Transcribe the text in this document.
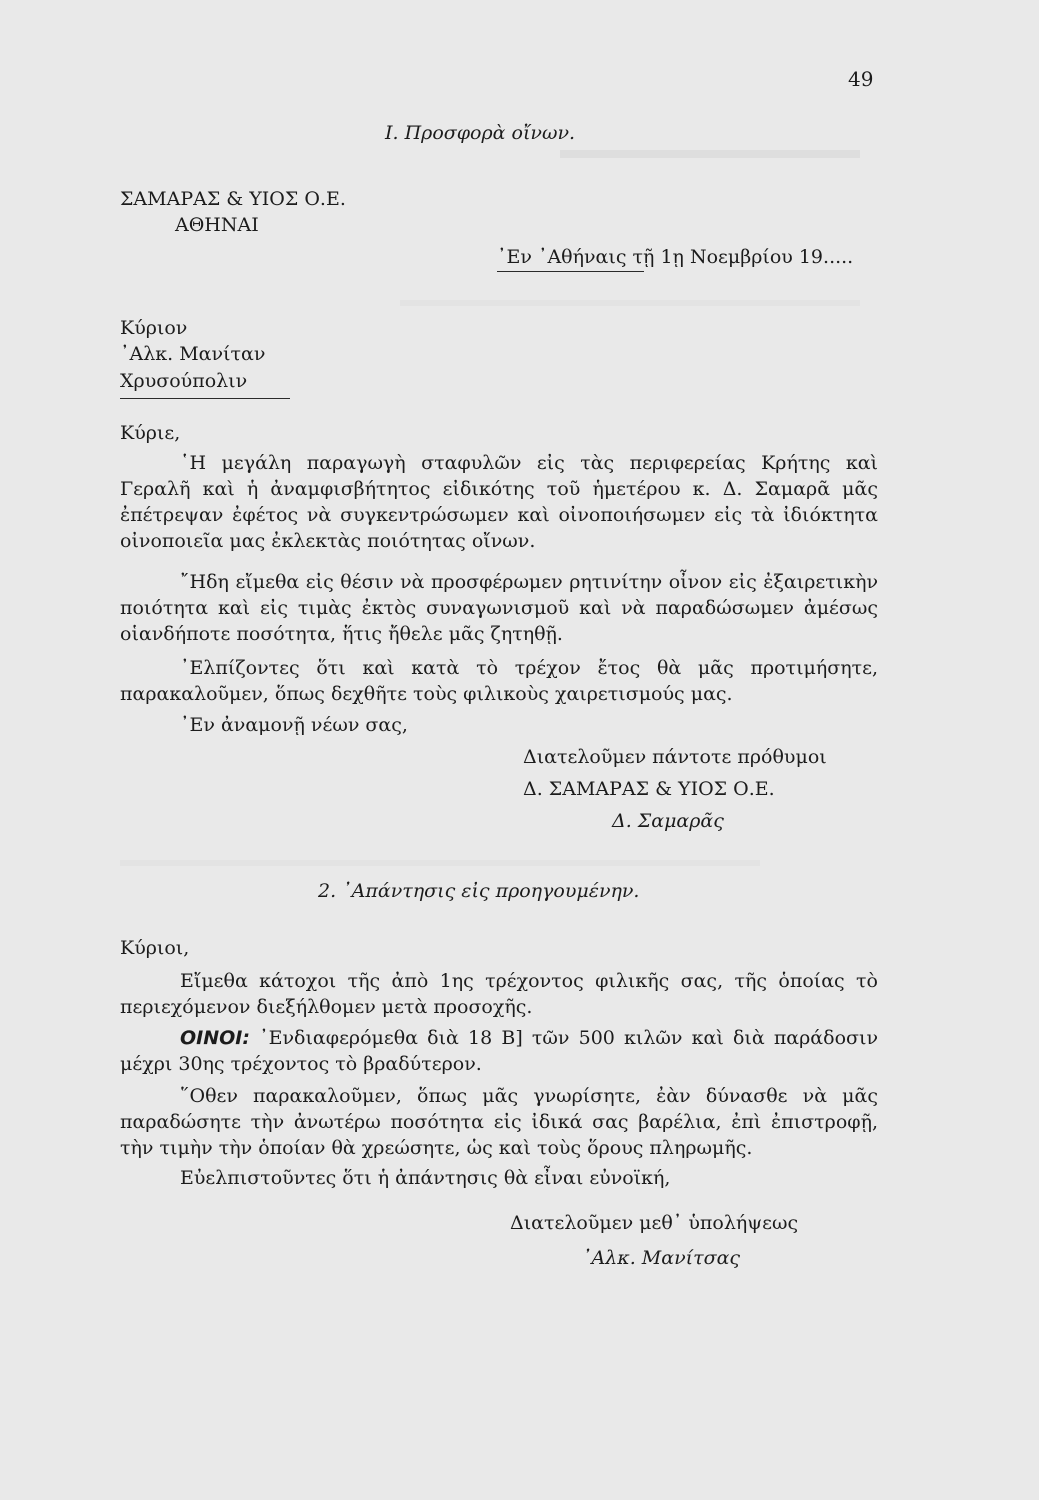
49
Ι. Προσφορὰ οἴνων.
ΣΑΜΑΡΑΣ & ΥΙΟΣ Ο.Ε.
ΑΘΗΝΑΙ
᾿Εν ᾿Αθήναις τῇ 1ῃ Νοεμβρίου 19.....
Κύριον
᾿Αλκ. Μανίταν
Χρυσούπολιν
Κύριε,
῾Η μεγάλη παραγωγὴ σταφυλῶν εἰς τὰς περιφερείας Κρήτης καὶ Γεραλῆ καὶ ἡ ἀναμφισβήτητος εἰδικότης τοῦ ἡμετέρου κ. Δ. Σαμαρᾶ μᾶς ἐπέτρεψαν ἐφέτος νὰ συγκεντρώσωμεν καὶ οἰνοποιήσωμεν εἰς τὰ ἰδιόκτητα οἰνοποιεῖα μας ἐκλεκτὰς ποιότητας οἴνων.
῎Ηδη εἴμεθα εἰς θέσιν νὰ προσφέρωμεν ρητινίτην οἶνον εἰς ἐξαιρετικὴν ποιότητα καὶ εἰς τιμὰς ἐκτὸς συναγωνισμοῦ καὶ νὰ παραδώσωμεν ἀμέσως οἱανδήποτε ποσότητα, ἥτις ἤθελε μᾶς ζητηθῇ.
᾿Ελπίζοντες ὅτι καὶ κατὰ τὸ τρέχον ἔτος θὰ μᾶς προτιμήσητε, παρακαλοῦμεν, ὅπως δεχθῆτε τοὺς φιλικοὺς χαιρετισμούς μας.
᾿Εν ἀναμονῇ νέων σας,
Διατελοῦμεν πάντοτε πρόθυμοι
Δ. ΣΑΜΑΡΑΣ & ΥΙΟΣ Ο.Ε.
Δ. Σαμαρᾶς
2. ᾿Απάντησις εἰς προηγουμένην.
Κύριοι,
Εἴμεθα κάτοχοι τῆς ἀπὸ 1ης τρέχοντος φιλικῆς σας, τῆς ὁποίας τὸ περιεχόμενον διεξήλθομεν μετὰ προσοχῆς.
ΟΙΝΟΙ: ᾿Ενδιαφερόμεθα διὰ 18 Β] τῶν 500 κιλῶν καὶ διὰ παράδοσιν μέχρι 30ης τρέχοντος τὸ βραδύτερον.
῞Οθεν παρακαλοῦμεν, ὅπως μᾶς γνωρίσητε, ἐὰν δύνασθε νὰ μᾶς παραδώσητε τὴν ἀνωτέρω ποσότητα εἰς ἰδικά σας βαρέλια, ἐπὶ ἐπιστροφῇ, τὴν τιμὴν τὴν ὁποίαν θὰ χρεώσητε, ὡς καὶ τοὺς ὅρους πληρωμῆς.
Εὐελπιστοῦντες ὅτι ἡ ἀπάντησις θὰ εἶναι εὐνοϊκή,
Διατελοῦμεν μεθ᾿ ὑπολήψεως
᾿Αλκ. Μανίτσας
